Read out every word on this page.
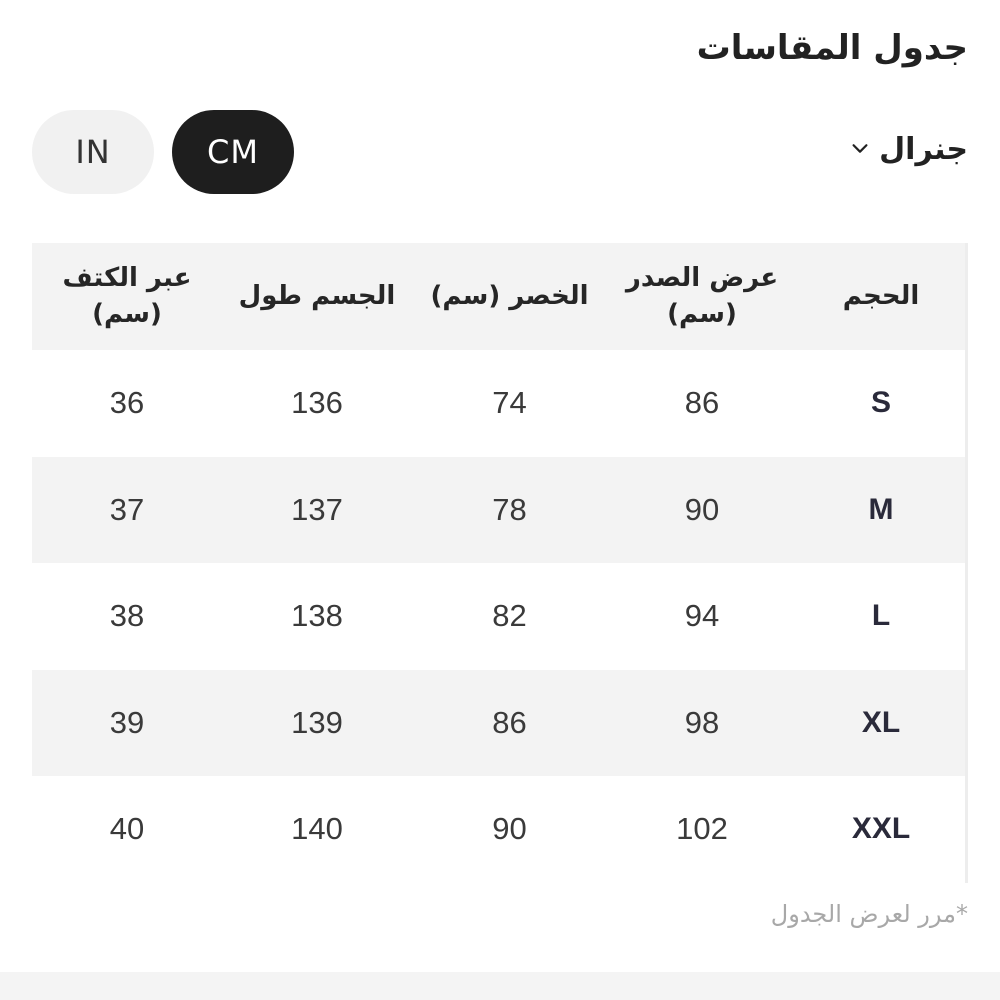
جدول المقاسات
IN	CM	جنرال
الحجم
عرض الصدر (سم)
الخصر (سم)
الجسم طول
عبر الكتف (سم)
S
86
74
136
36
M
90
78
137
37
L
94
82
138
38
XL
98
86
139
39
XXL
102
90
140
40
*مرر لعرض الجدول
